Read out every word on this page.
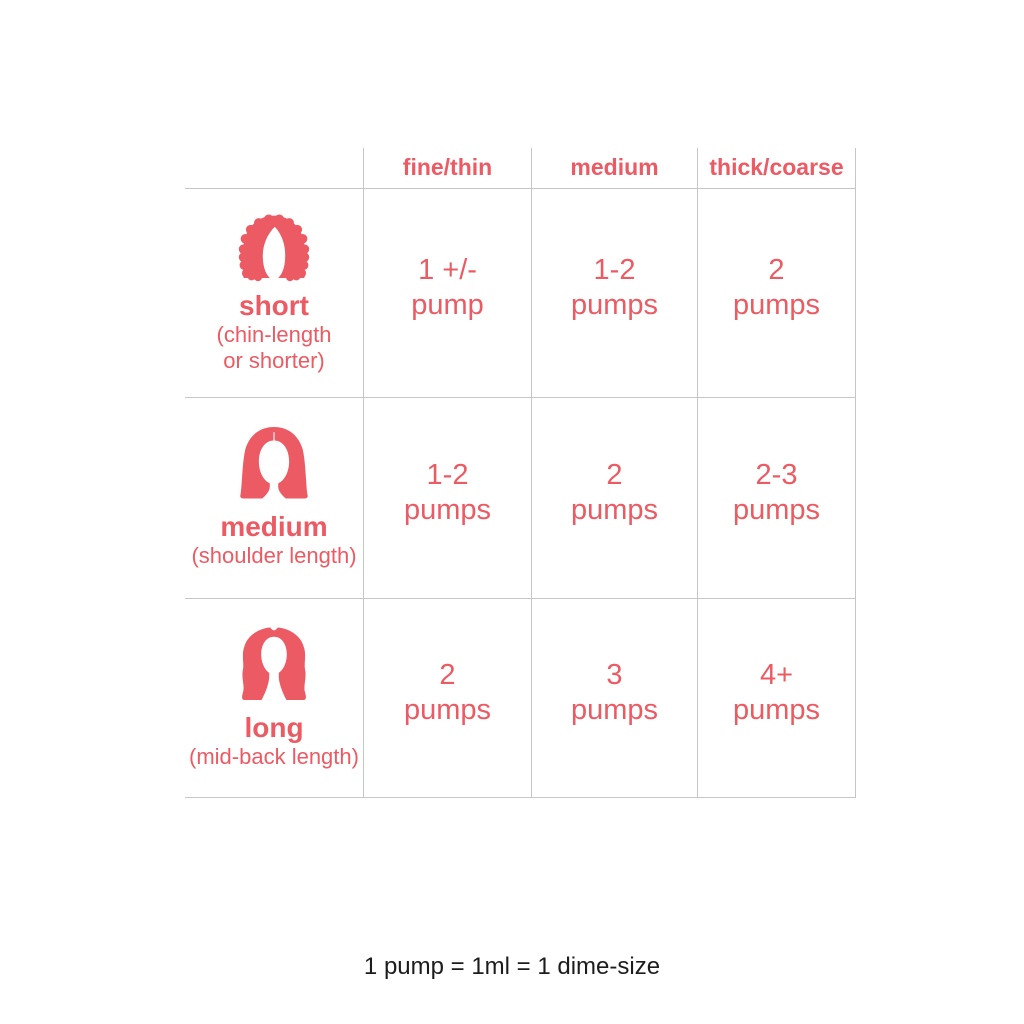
fine/thin	medium thick/coarse
short
(chin-length
or shorter)
1 +/-
pump
1-2
pumps
2
pumps
medium
(shoulder length)
1-2
pumps
2
pumps
2-3
pumps
long
(mid-back length)
2
pumps
3
pumps
4+
pumps
1 pump = 1ml = 1 dime-size
